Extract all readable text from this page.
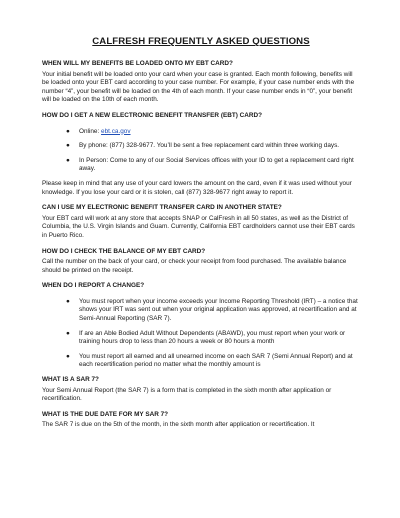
CALFRESH FREQUENTLY ASKED QUESTIONS
WHEN WILL MY BENEFITS BE LOADED ONTO MY EBT CARD?
Your initial benefit will be loaded onto your card when your case is granted. Each month following, benefits will be loaded onto your EBT card according to your case number. For example, if your case number ends with the number “4”, your benefit will be loaded on the 4th of each month. If your case number ends in “0”, your benefit will be loaded on the 10th of each month.
HOW DO I GET A NEW ELECTRONIC BENEFIT TRANSFER (EBT) CARD?
● Online: ebt.ca.gov
● By phone: (877) 328-9677. You’ll be sent a free replacement card within three working days.
● In Person: Come to any of our Social Services offices with your ID to get a replacement card right away.
Please keep in mind that any use of your card lowers the amount on the card, even if it was used without your knowledge. If you lose your card or it is stolen, call (877) 328-9677 right away to report it.
CAN I USE MY ELECTRONIC BENEFIT TRANSFER CARD IN ANOTHER STATE?
Your EBT card will work at any store that accepts SNAP or CalFresh in all 50 states, as well as the District of Columbia, the U.S. Virgin Islands and Guam. Currently, California EBT cardholders cannot use their EBT cards in Puerto Rico.
HOW DO I CHECK THE BALANCE OF MY EBT CARD?
Call the number on the back of your card, or check your receipt from food purchased. The available balance should be printed on the receipt.
WHEN DO I REPORT A CHANGE?
● You must report when your income exceeds your Income Reporting Threshold (IRT) – a notice that shows your IRT was sent out when your original application was approved, at recertification and at Semi-Annual Reporting (SAR 7).
● If are an Able Bodied Adult Without Dependents (ABAWD), you must report when your work or training hours drop to less than 20 hours a week or 80 hours a month
● You must report all earned and all unearned income on each SAR 7 (Semi Annual Report) and at each recertification period no matter what the monthly amount is
WHAT IS A SAR 7?
Your Semi Annual Report (the SAR 7) is a form that is completed in the sixth month after application or recertification.
WHAT IS THE DUE DATE FOR MY SAR 7?
The SAR 7 is due on the 5th of the month, in the sixth month after application or recertification. It
